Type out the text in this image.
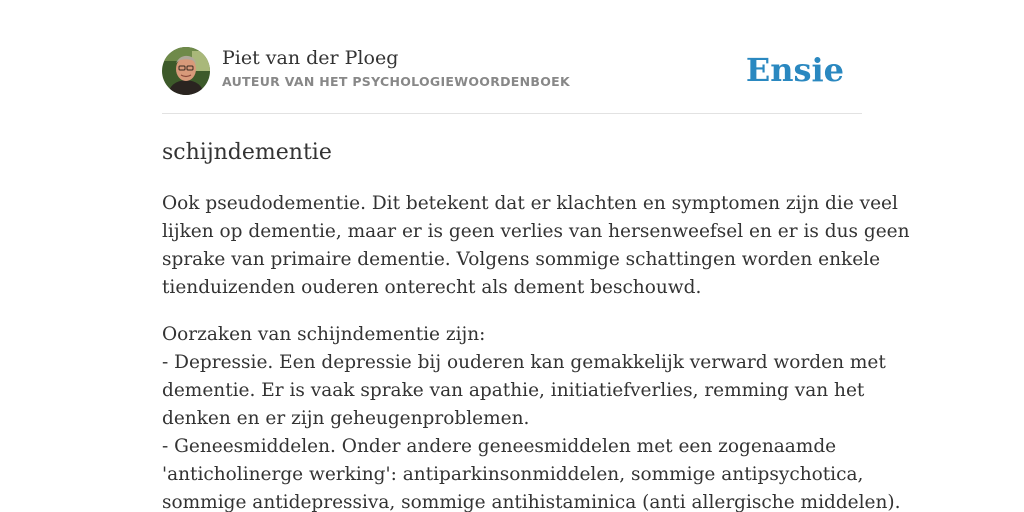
Piet van der Ploeg
AUTEUR VAN HET PSYCHOLOGIEWOORDENBOEK	Ensie
schijndementie

Ook pseudodementie. Dit betekent dat er klachten en symptomen zijn die veel
lijken op dementie, maar er is geen verlies van hersenweefsel en er is dus geen
sprake van primaire dementie. Volgens sommige schattingen worden enkele
tienduizenden ouderen onterecht als dement beschouwd.

Oorzaken van schijndementie zijn:
- Depressie. Een depressie bij ouderen kan gemakkelijk verward worden met
dementie. Er is vaak sprake van apathie, initiatiefverlies, remming van het
denken en er zijn geheugenproblemen.
- Geneesmiddelen. Onder andere geneesmiddelen met een zogenaamde
'anticholinerge werking': antiparkinsonmiddelen, sommige antipsychotica,
sommige antidepressiva, sommige antihistaminica (anti allergische middelen).
